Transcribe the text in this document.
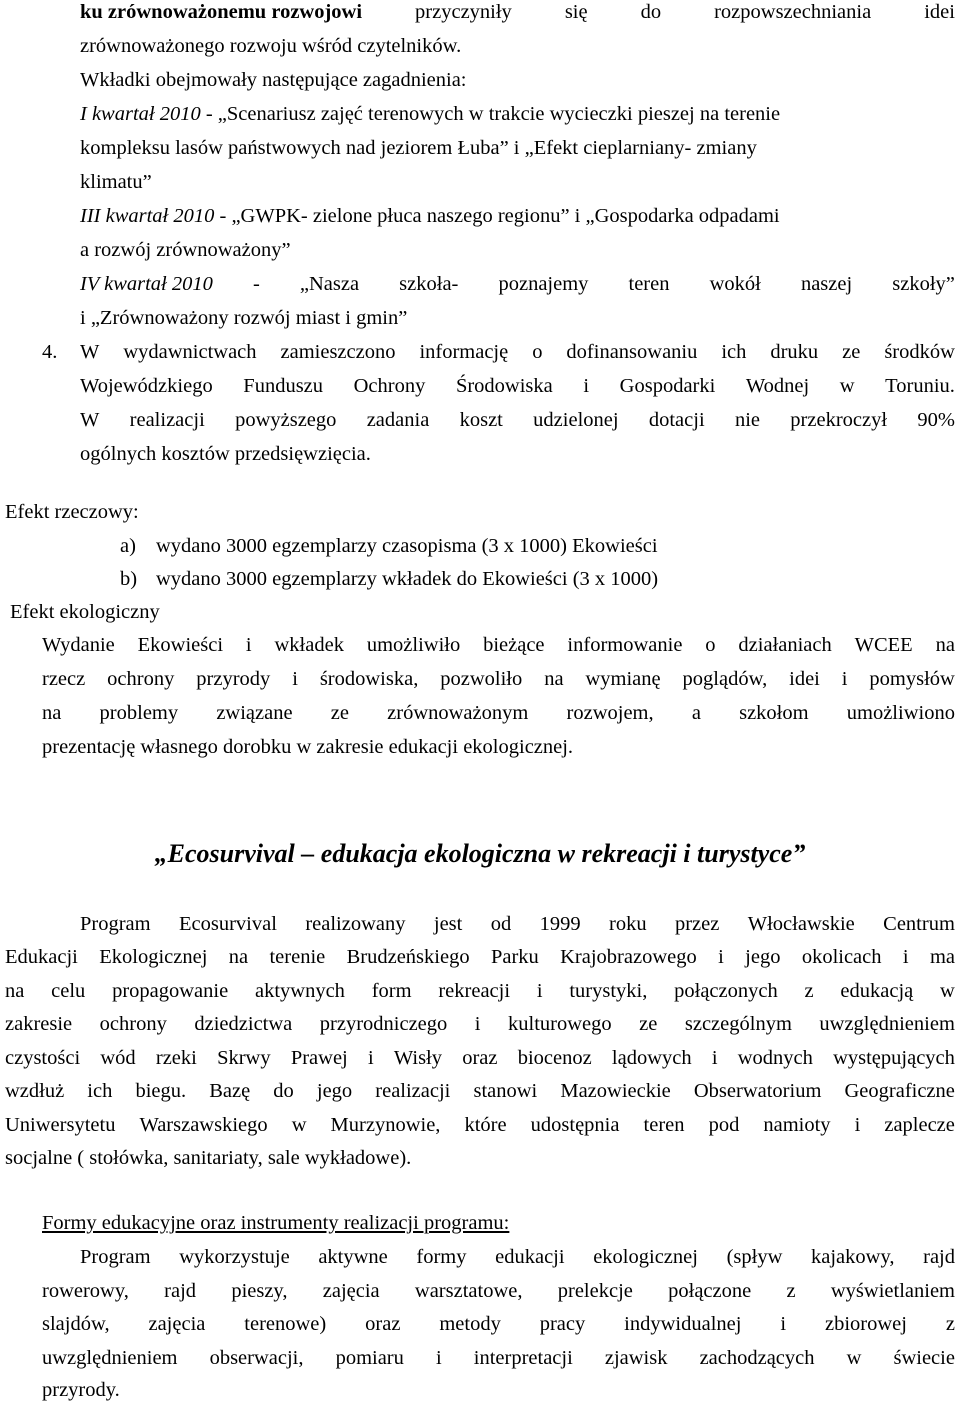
ku zrównoważonemu rozwojowi	przyczyniły	się	do	rozpowszechniania	idei
zrównoważonego rozwoju wśród czytelników.
Wkładki obejmowały następujące zagadnienia:
I kwartał 2010 - „Scenariusz zajęć terenowych w trakcie wycieczki pieszej na terenie
kompleksu lasów państwowych nad jeziorem Łuba” i „Efekt cieplarniany- zmiany
klimatu”
III kwartał 2010 - „GWPK- zielone płuca naszego regionu” i „Gospodarka odpadami
a rozwój zrównoważony”
IV kwartał 2010 - „Nasza szkoła- poznajemy teren wokół naszej szkoły”
i „Zrównoważony rozwój miast i gmin”
4. W wydawnictwach zamieszczono informację o dofinansowaniu ich druku ze środków
Wojewódzkiego Funduszu Ochrony Środowiska i Gospodarki Wodnej w Toruniu.
W realizacji powyższego zadania koszt udzielonej dotacji nie przekroczył 90%
ogólnych kosztów przedsięwzięcia.
Efekt rzeczowy:
a) wydano 3000 egzemplarzy czasopisma (3 x 1000) Ekowieści
b) wydano 3000 egzemplarzy wkładek do Ekowieści (3 x 1000)
Efekt ekologiczny
Wydanie Ekowieści i wkładek umożliwiło bieżące informowanie o działaniach WCEE na
rzecz ochrony przyrody i środowiska, pozwoliło na wymianę poglądów, idei i pomysłów
na problemy związane ze zrównoważonym rozwojem, a szkołom umożliwiono
prezentację własnego dorobku w zakresie edukacji ekologicznej.
„Ecosurvival – edukacja ekologiczna w rekreacji i turystyce”
Program Ecosurvival realizowany jest od 1999 roku przez Włocławskie Centrum
Edukacji Ekologicznej na terenie Brudzeńskiego Parku Krajobrazowego i jego okolicach i ma
na celu propagowanie aktywnych form rekreacji i turystyki, połączonych z edukacją w
zakresie ochrony dziedzictwa przyrodniczego i kulturowego ze szczególnym uwzględnieniem
czystości wód rzeki Skrwy Prawej i Wisły oraz biocenoz lądowych i wodnych występujących
wzdłuż ich biegu. Bazę do jego realizacji stanowi Mazowieckie Obserwatorium Geograficzne
Uniwersytetu Warszawskiego w Murzynowie, które udostępnia teren pod namioty i zaplecze
socjalne ( stołówka, sanitariaty, sale wykładowe).
Formy edukacyjne oraz instrumenty realizacji programu:
Program wykorzystuje aktywne formy edukacji ekologicznej (spływ kajakowy, rajd
rowerowy, rajd pieszy, zajęcia warsztatowe, prelekcje połączone z wyświetlaniem
slajdów, zajęcia terenowe) oraz metody pracy indywidualnej i zbiorowej z
uwzględnieniem obserwacji, pomiaru i interpretacji zjawisk zachodzących w świecie
przyrody.
